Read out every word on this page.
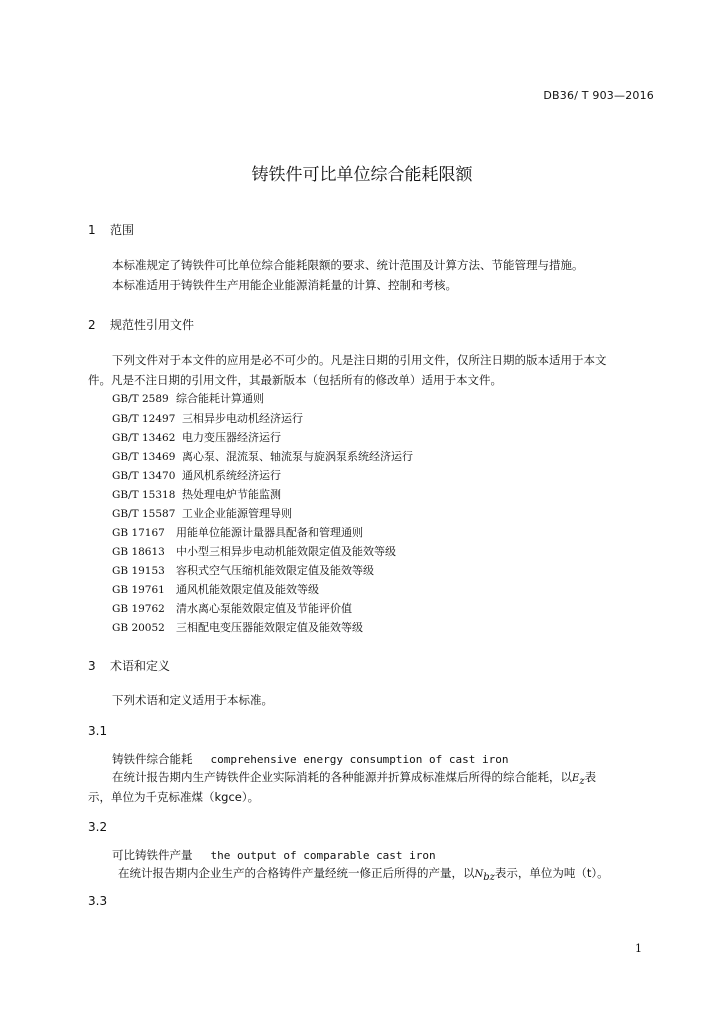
DB36/ T 903—2016
铸铁件可比单位综合能耗限额
1 范围
本标准规定了铸铁件可比单位综合能耗限额的要求、统计范围及计算方法、节能管理与措施。
本标准适用于铸铁件生产用能企业能源消耗量的计算、控制和考核。
2 规范性引用文件
下列文件对于本文件的应用是必不可少的。凡是注日期的引用文件，仅所注日期的版本适用于本文
件。凡是不注日期的引用文件，其最新版本（包括所有的修改单）适用于本文件。
GB/T 2589 综合能耗计算通则
GB/T 12497 三相异步电动机经济运行
GB/T 13462 电力变压器经济运行
GB/T 13469 离心泵、混流泵、轴流泵与旋涡泵系统经济运行
GB/T 13470 通风机系统经济运行
GB/T 15318 热处理电炉节能监测
GB/T 15587 工业企业能源管理导则
GB 17167 用能单位能源计量器具配备和管理通则
GB 18613 中小型三相异步电动机能效限定值及能效等级
GB 19153 容积式空气压缩机能效限定值及能效等级
GB 19761 通风机能效限定值及能效等级
GB 19762 清水离心泵能效限定值及节能评价值
GB 20052 三相配电变压器能效限定值及能效等级
3 术语和定义
下列术语和定义适用于本标准。
3.1
铸铁件综合能耗 comprehensive energy consumption of cast iron
在统计报告期内生产铸铁件企业实际消耗的各种能源并折算成标准煤后所得的综合能耗，以$E_z$表
示，单位为千克标准煤（kgce）。
3.2
可比铸铁件产量 the output of comparable cast iron
在统计报告期内企业生产的合格铸件产量经统一修正后所得的产量，以$N_{bz}$表示，单位为吨（t）。
3.3
1
